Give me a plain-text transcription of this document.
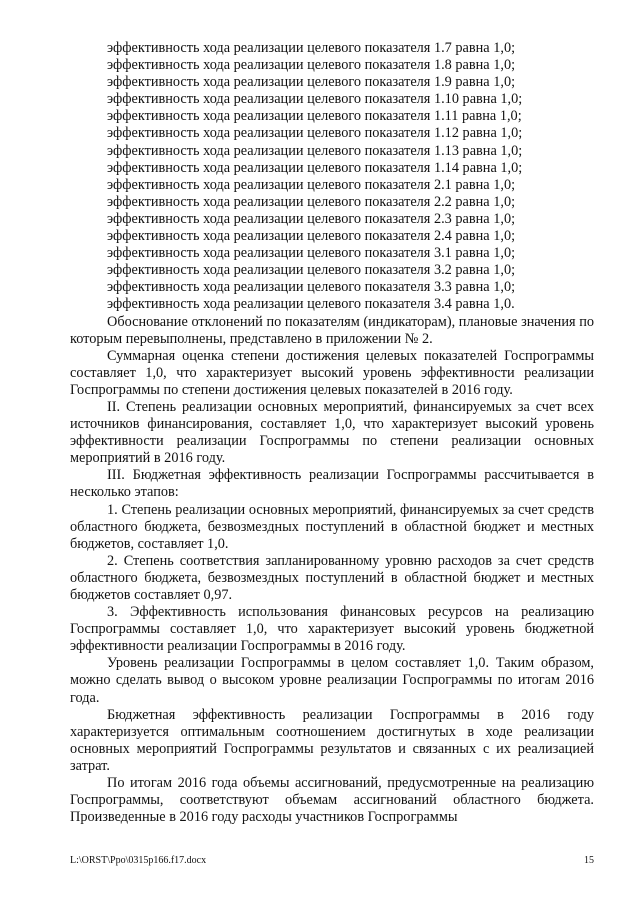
эффективность хода реализации целевого показателя 1.7 равна 1,0;
эффективность хода реализации целевого показателя 1.8 равна 1,0;
эффективность хода реализации целевого показателя 1.9 равна 1,0;
эффективность хода реализации целевого показателя 1.10 равна 1,0;
эффективность хода реализации целевого показателя 1.11 равна 1,0;
эффективность хода реализации целевого показателя 1.12 равна 1,0;
эффективность хода реализации целевого показателя 1.13 равна 1,0;
эффективность хода реализации целевого показателя 1.14 равна 1,0;
эффективность хода реализации целевого показателя 2.1 равна 1,0;
эффективность хода реализации целевого показателя 2.2 равна 1,0;
эффективность хода реализации целевого показателя 2.3 равна 1,0;
эффективность хода реализации целевого показателя 2.4 равна 1,0;
эффективность хода реализации целевого показателя 3.1 равна 1,0;
эффективность хода реализации целевого показателя 3.2 равна 1,0;
эффективность хода реализации целевого показателя 3.3 равна 1,0;
эффективность хода реализации целевого показателя 3.4 равна 1,0.

Обоснование отклонений по показателям (индикаторам), плановые значения по которым перевыполнены, представлено в приложении № 2.

Суммарная оценка степени достижения целевых показателей Госпрограммы составляет 1,0, что характеризует высокий уровень эффективности реализации Госпрограммы по степени достижения целевых показателей в 2016 году.

II. Степень реализации основных мероприятий, финансируемых за счет всех источников финансирования, составляет 1,0, что характеризует высокий уровень эффективности реализации Госпрограммы по степени реализации основных мероприятий в 2016 году.

III. Бюджетная эффективность реализации Госпрограммы рассчитывается в несколько этапов:

1. Степень реализации основных мероприятий, финансируемых за счет средств областного бюджета, безвозмездных поступлений в областной бюджет и местных бюджетов, составляет 1,0.

2. Степень соответствия запланированному уровню расходов за счет средств областного бюджета, безвозмездных поступлений в областной бюджет и местных бюджетов составляет 0,97.

3. Эффективность использования финансовых ресурсов на реализацию Госпрограммы составляет 1,0, что характеризует высокий уровень бюджетной эффективности реализации Госпрограммы в 2016 году.

Уровень реализации Госпрограммы в целом составляет 1,0. Таким образом, можно сделать вывод о высоком уровне реализации Госпрограммы по итогам 2016 года.

Бюджетная эффективность реализации Госпрограммы в 2016 году характеризуется оптимальным соотношением достигнутых в ходе реализации основных мероприятий Госпрограммы результатов и связанных с их реализацией затрат.

По итогам 2016 года объемы ассигнований, предусмотренные на реализацию Госпрограммы, соответствуют объемам ассигнований областного бюджета. Произведенные в 2016 году расходы участников Госпрограммы

L:\ORST\Ppo\0315p166.f17.docx	15
